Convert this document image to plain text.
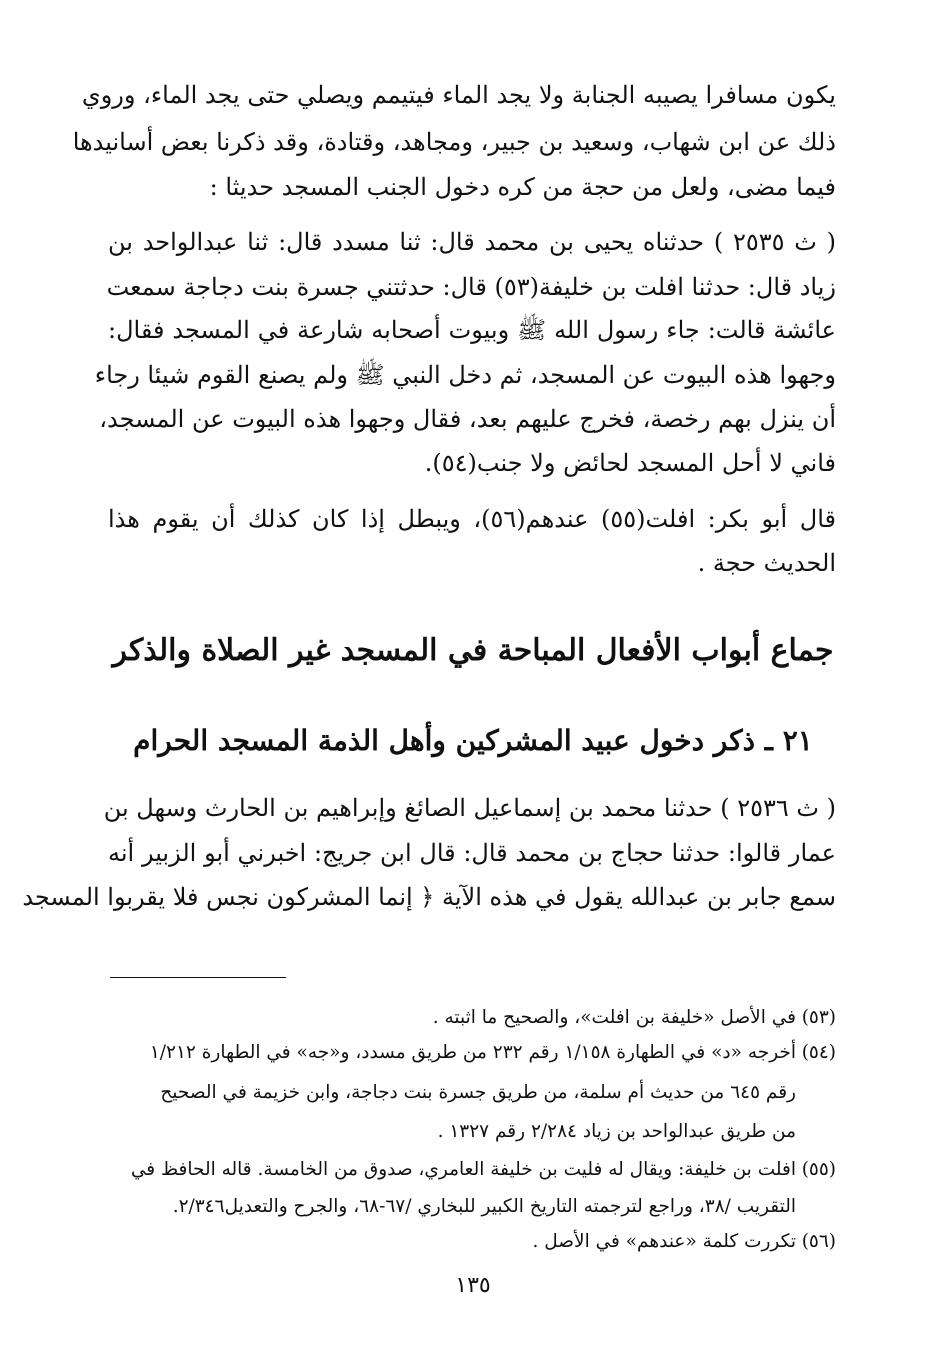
يكون مسافرا يصيبه الجنابة ولا يجد الماء فيتيمم ويصلي حتى يجد الماء، وروي
ذلك عن ابن شهاب، وسعيد بن جبير، ومجاهد، وقتادة، وقد ذكرنا بعض أسانيدها
فيما مضى، ولعل من حجة من كره دخول الجنب المسجد حديثا :
( ث ٢٥٣٥ ) حدثناه يحيى بن محمد قال: ثنا مسدد قال: ثنا عبدالواحد بن
زياد قال: حدثنا افلت بن خليفة(٥٣) قال: حدثتني جسرة بنت دجاجة سمعت
عائشة قالت: جاء رسول الله ﷺ وبيوت أصحابه شارعة في المسجد فقال:
وجهوا هذه البيوت عن المسجد، ثم دخل النبي ﷺ ولم يصنع القوم شيئا رجاء
أن ينزل بهم رخصة، فخرج عليهم بعد، فقال وجهوا هذه البيوت عن المسجد،
فاني لا أحل المسجد لحائض ولا جنب(٥٤).
قال أبو بكر: افلت(٥٥) عندهم(٥٦)، ويبطل إذا كان كذلك أن يقوم هذا
الحديث حجة .
جماع أبواب الأفعال المباحة في المسجد غير الصلاة والذكر
٢١ ـ ذكر دخول عبيد المشركين وأهل الذمة المسجد الحرام
( ث ٢٥٣٦ ) حدثنا محمد بن إسماعيل الصائغ وإبراهيم بن الحارث وسهل بن
عمار قالوا: حدثنا حجاج بن محمد قال: قال ابن جريج: اخبرني أبو الزبير أنه
سمع جابر بن عبدالله يقول في هذه الآية ﴿ إنما المشركون نجس فلا يقربوا المسجد
(٥٣)في الأصل «خليفة بن افلت»، والصحيح ما اثبته .
(٥٤)أخرجه «د» في الطهارة ١/١٥٨ رقم ٢٣٢ من طريق مسدد، و«جه» في الطهارة ١/٢١٢
رقم ٦٤٥ من حديث أم سلمة، من طريق جسرة بنت دجاجة، وابن خزيمة في الصحيح
من طريق عبدالواحد بن زياد ٢/٢٨٤ رقم ١٣٢٧ .
(٥٥)افلت بن خليفة: ويقال له فليت بن خليفة العامري، صدوق من الخامسة. قاله الحافظ في
التقريب /٣٨، وراجع لترجمته التاريخ الكبير للبخاري /٦٧-٦٨، والجرح والتعديل٢/٣٤٦.
(٥٦)تكررت كلمة «عندهم» في الأصل .
١٣٥
